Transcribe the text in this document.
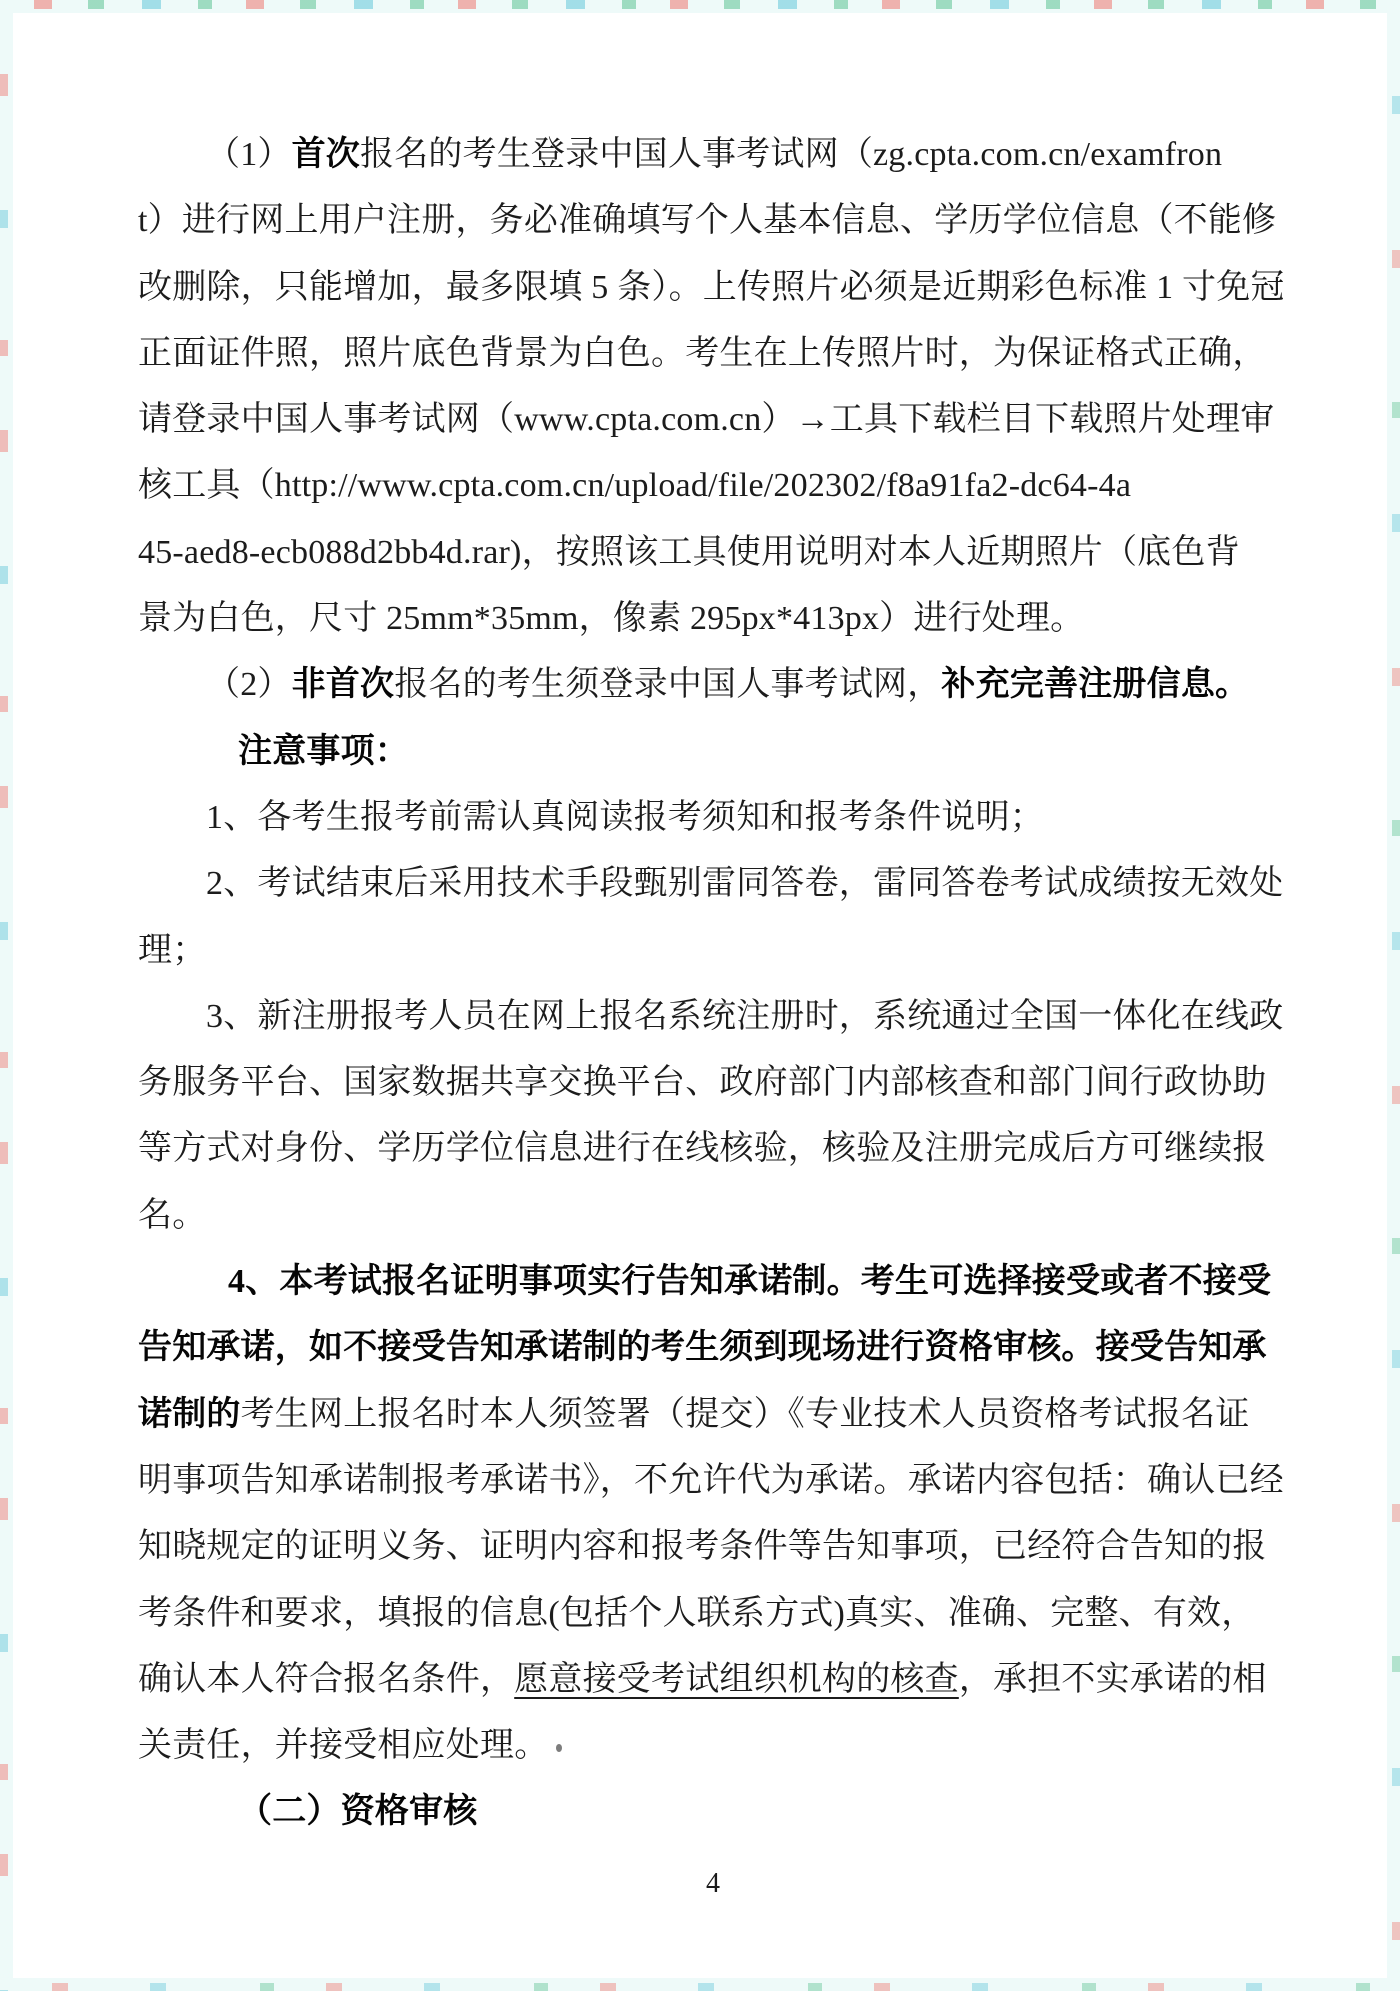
（1）首次报名的考生登录中国人事考试网（zg.cpta.com.cn/examfron
t）进行网上用户注册，务必准确填写个人基本信息、学历学位信息（不能修
改删除，只能增加，最多限填 5 条）。上传照片必须是近期彩色标准 1 寸免冠
正面证件照，照片底色背景为白色。考生在上传照片时，为保证格式正确，
请登录中国人事考试网（www.cpta.com.cn）→工具下载栏目下载照片处理审
核工具（http://www.cpta.com.cn/upload/file/202302/f8a91fa2-dc64-4a
45-aed8-ecb088d2bb4d.rar)，按照该工具使用说明对本人近期照片（底色背
景为白色，尺寸 25mm*35mm，像素 295px*413px）进行处理。
（2）非首次报名的考生须登录中国人事考试网，补充完善注册信息。
注意事项：
1、各考生报考前需认真阅读报考须知和报考条件说明；
2、考试结束后采用技术手段甄别雷同答卷，雷同答卷考试成绩按无效处
理；
3、新注册报考人员在网上报名系统注册时，系统通过全国一体化在线政
务服务平台、国家数据共享交换平台、政府部门内部核查和部门间行政协助
等方式对身份、学历学位信息进行在线核验，核验及注册完成后方可继续报
名。
4、本考试报名证明事项实行告知承诺制。考生可选择接受或者不接受
告知承诺，如不接受告知承诺制的考生须到现场进行资格审核。接受告知承
诺制的考生网上报名时本人须签署（提交）《专业技术人员资格考试报名证
明事项告知承诺制报考承诺书》，不允许代为承诺。承诺内容包括：确认已经
知晓规定的证明义务、证明内容和报考条件等告知事项，已经符合告知的报
考条件和要求，填报的信息(包括个人联系方式)真实、准确、完整、有效，
确认本人符合报名条件，愿意接受考试组织机构的核查，承担不实承诺的相
关责任，并接受相应处理。
（二）资格审核
4
